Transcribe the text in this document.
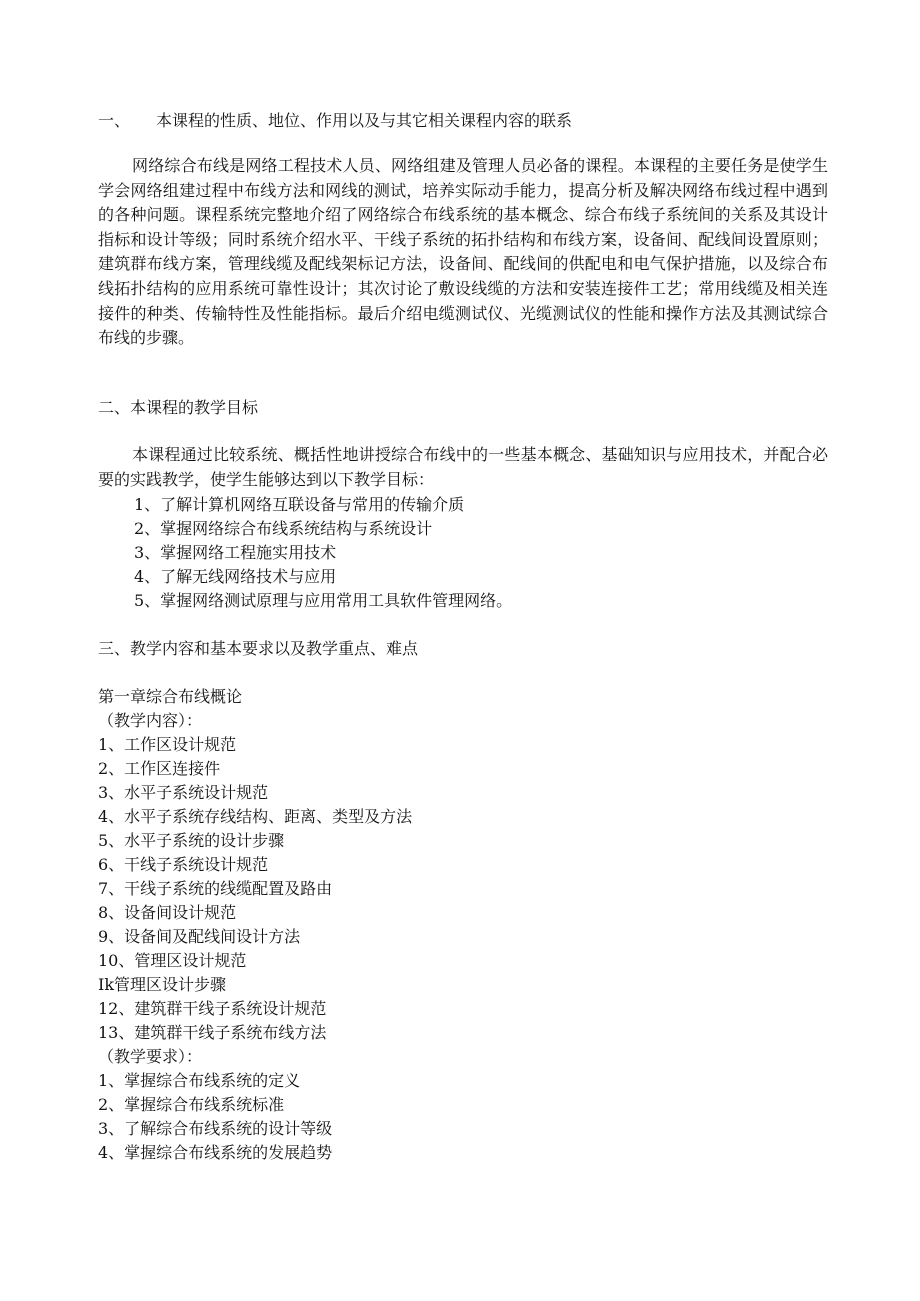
一、 本课程的性质、地位、作用以及与其它相关课程内容的联系

网络综合布线是网络工程技术人员、网络组建及管理人员必备的课程。本课程的主要任务是使学生学会网络组建过程中布线方法和网线的测试，培养实际动手能力，提高分析及解决网络布线过程中遇到的各种问题。课程系统完整地介绍了网络综合布线系统的基本概念、综合布线子系统间的关系及其设计指标和设计等级；同时系统介绍水平、干线子系统的拓扑结构和布线方案，设备间、配线间设置原则；建筑群布线方案，管理线缆及配线架标记方法，设备间、配线间的供配电和电气保护措施，以及综合布线拓扑结构的应用系统可靠性设计；其次讨论了敷设线缆的方法和安装连接件工艺；常用线缆及相关连接件的种类、传输特性及性能指标。最后介绍电缆测试仪、光缆测试仪的性能和操作方法及其测试综合布线的步骤。

二、本课程的教学目标

本课程通过比较系统、概括性地讲授综合布线中的一些基本概念、基础知识与应用技术，并配合必要的实践教学，使学生能够达到以下教学目标：

1、了解计算机网络互联设备与常用的传输介质
2、掌握网络综合布线系统结构与系统设计
3、掌握网络工程施实用技术
4、了解无线网络技术与应用
5、掌握网络测试原理与应用常用工具软件管理网络。
三、教学内容和基本要求以及教学重点、难点
第一章综合布线概论
（教学内容）：
1、工作区设计规范
2、工作区连接件
3、水平子系统设计规范
4、水平子系统存线结构、距离、类型及方法
5、水平子系统的设计步骤
6、干线子系统设计规范
7、干线子系统的线缆配置及路由
8、设备间设计规范
9、设备间及配线间设计方法
10、管理区设计规范
Ik管理区设计步骤
12、建筑群干线子系统设计规范
13、建筑群干线子系统布线方法
（教学要求）：
1、掌握综合布线系统的定义
2、掌握综合布线系统标准
3、了解综合布线系统的设计等级
4、掌握综合布线系统的发展趋势
